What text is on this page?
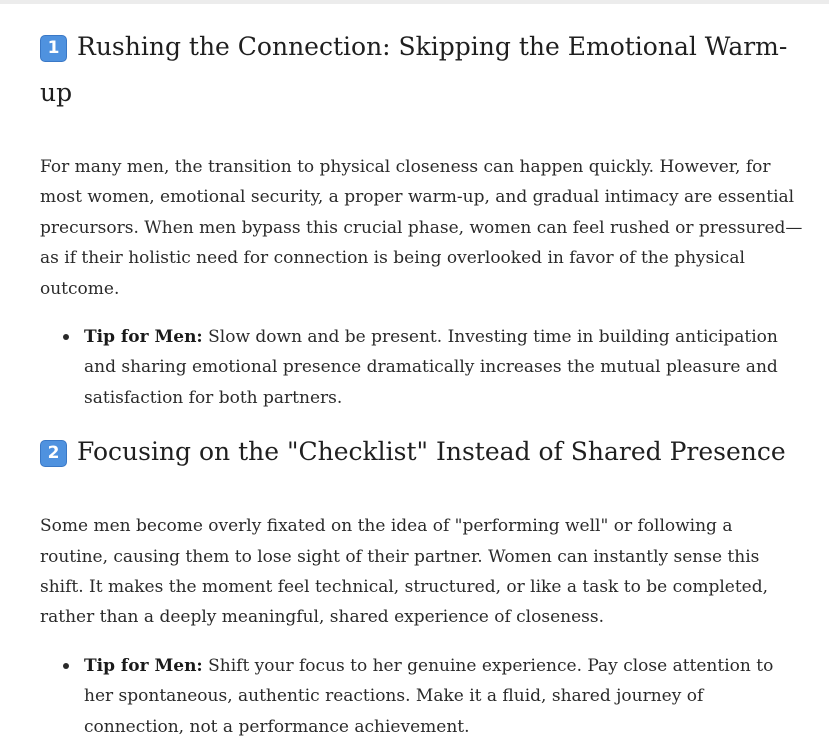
1 Rushing the Connection: Skipping the Emotional Warm-up

For many men, the transition to physical closeness can happen quickly. However, for most women, emotional security, a proper warm-up, and gradual intimacy are essential precursors. When men bypass this crucial phase, women can feel rushed or pressured—as if their holistic need for connection is being overlooked in favor of the physical outcome.

Tip for Men: Slow down and be present. Investing time in building anticipation and sharing emotional presence dramatically increases the mutual pleasure and satisfaction for both partners.
2 Focusing on the "Checklist" Instead of Shared Presence

Some men become overly fixated on the idea of "performing well" or following a routine, causing them to lose sight of their partner. Women can instantly sense this shift. It makes the moment feel technical, structured, or like a task to be completed, rather than a deeply meaningful, shared experience of closeness.

Tip for Men: Shift your focus to her genuine experience. Pay close attention to her spontaneous, authentic reactions. Make it a fluid, shared journey of connection, not a performance achievement.
